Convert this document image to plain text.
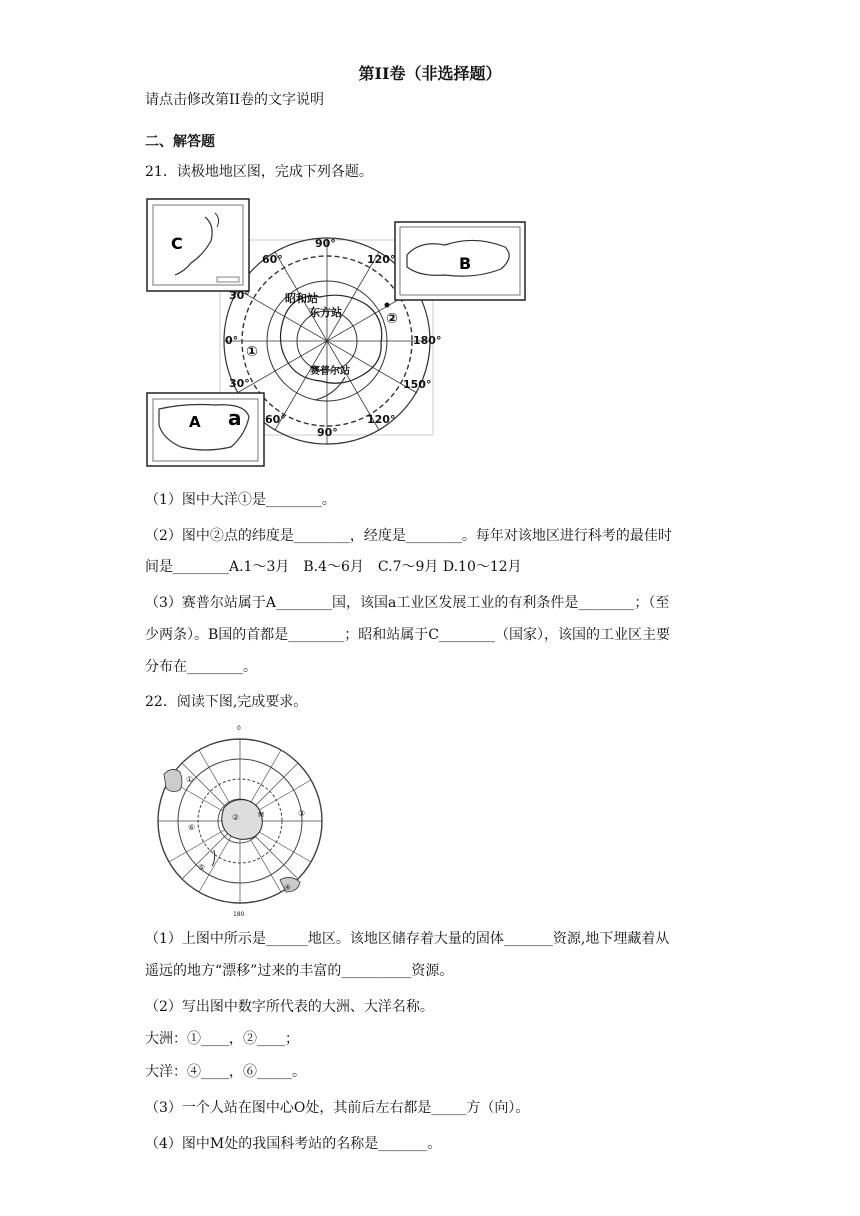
第II卷（非选择题）
请点击修改第II卷的文字说明
二、解答题
21．读极地地区图，完成下列各题。
C
B
A a
90°
60°	120°
30°
0°	180°
30°	150°
60°
90°
120°
昭和站
东方站
赛普尔站
①
②
（1）图中大洋①是________。
（2）图中②点的纬度是________，经度是________。每年对该地区进行科考的最佳时
间是________A.1～3月　B.4～6月　C.7～9月 D.10～12月
（3）赛普尔站属于A________国，该国a工业区发展工业的有利条件是________；（至
少两条）。B国的首都是________；昭和站属于C________（国家），该国的工业区主要
分布在________。
22．阅读下图,完成要求。
0
180
M
①
②	③
④
⑤
⑥
（1）上图中所示是______地区。该地区储存着大量的固体_______资源,地下埋藏着从
遥远的地方“漂移”过来的丰富的__________资源。
（2）写出图中数字所代表的大洲、大洋名称。
大洲：①____，②____；
大洋：④____，⑥_____。
（3）一个人站在图中心O处，其前后左右都是_____方（向）。
（4）图中M处的我国科考站的名称是_______。
